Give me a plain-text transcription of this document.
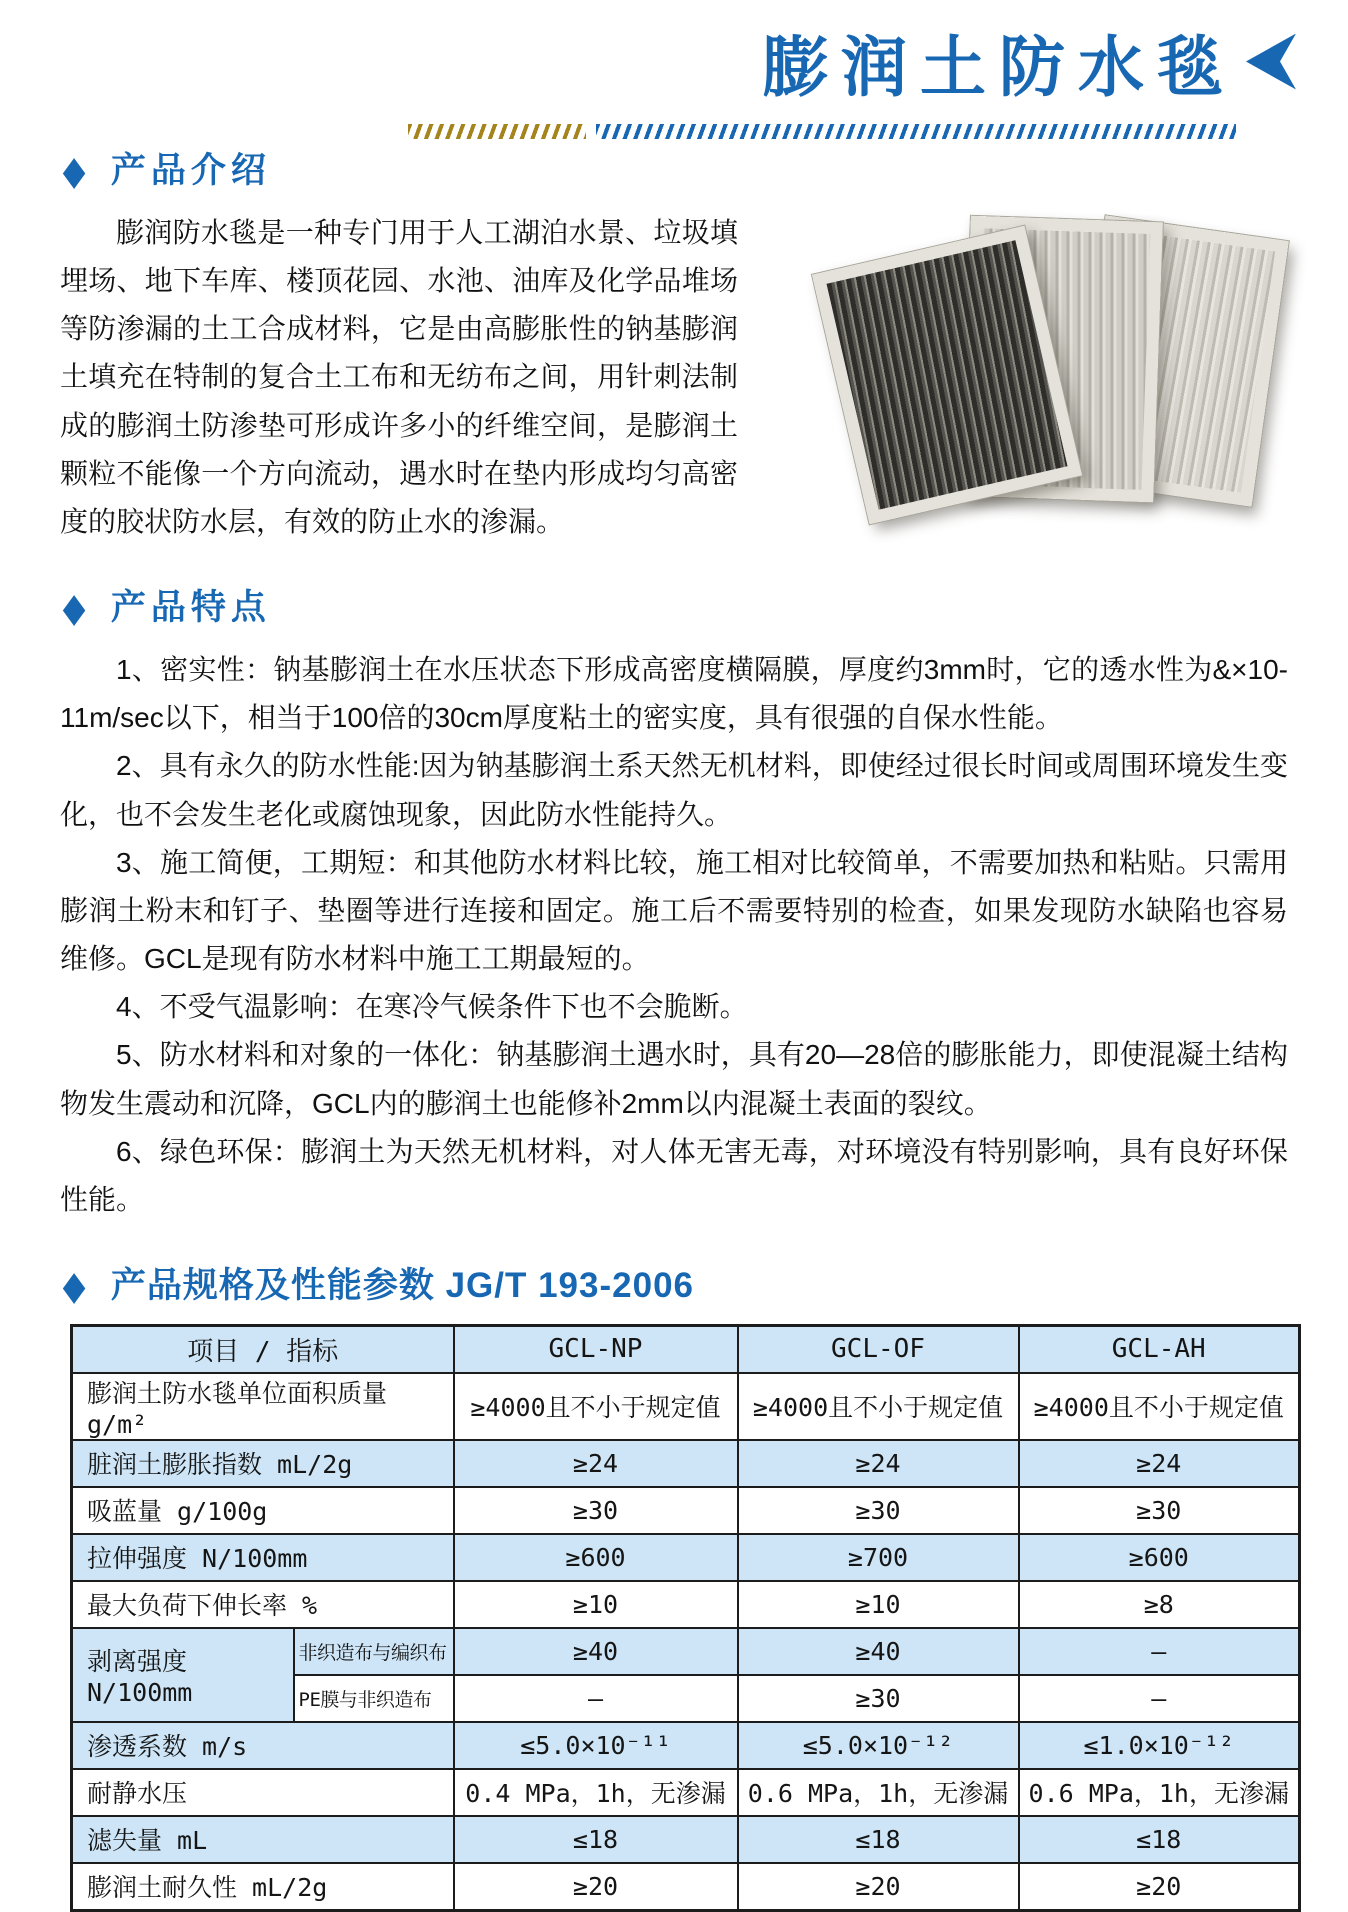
膨润土防水毯
◆ 产品介绍

膨润防水毯是一种专门用于人工湖泊水景、垃圾填埋场、地下车库、楼顶花园、水池、油库及化学品堆场等防渗漏的土工合成材料，它是由高膨胀性的钠基膨润土填充在特制的复合土工布和无纺布之间，用针刺法制成的膨润土防渗垫可形成许多小的纤维空间，是膨润土颗粒不能像一个方向流动，遇水时在垫内形成均匀高密度的胶状防水层，有效的防止水的渗漏。

◆ 产品特点

1、密实性：钠基膨润土在水压状态下形成高密度横隔膜，厚度约3mm时，它的透水性为&×10-11m/sec以下，相当于100倍的30cm厚度粘土的密实度，具有很强的自保水性能。

2、具有永久的防水性能:因为钠基膨润土系天然无机材料，即使经过很长时间或周围环境发生变化，也不会发生老化或腐蚀现象，因此防水性能持久。

3、施工简便，工期短：和其他防水材料比较，施工相对比较简单，不需要加热和粘贴。只需用膨润土粉末和钉子、垫圈等进行连接和固定。施工后不需要特别的检查，如果发现防水缺陷也容易维修。GCL是现有防水材料中施工工期最短的。

4、不受气温影响：在寒冷气候条件下也不会脆断。

5、防水材料和对象的一体化：钠基膨润土遇水时，具有20—28倍的膨胀能力，即使混凝土结构物发生震动和沉降，GCL内的膨润土也能修补2mm以内混凝土表面的裂纹。

6、绿色环保：膨润土为天然无机材料，对人体无害无毒，对环境没有特别影响，具有良好环保性能。

◆ 产品规格及性能参数 JG/T 193-2006
项目 / 指标		GCL-NP	GCL-OF	GCL-AH
膨润土防水毯单位面积质量 g/m²		≥4000且不小于规定值	≥4000且不小于规定值	≥4000且不小于规定值
脏润土膨胀指数 mL/2g		≥24	≥24	≥24
吸蓝量 g/100g		≥30	≥30	≥30
拉伸强度 N/100mm		≥600	≥700	≥600
最大负荷下伸长率 %		≥10	≥10	≥8
剥离强度 N/100mm	非织造布与编织布	≥40	≥40	–
	PE膜与非织造布	–	≥30	–
渗透系数 m/s		≤5.0×10⁻¹¹	≤5.0×10⁻¹²	≤1.0×10⁻¹²
耐静水压		0.4 MPa，1h，无渗漏	0.6 MPa，1h，无渗漏	0.6 MPa，1h，无渗漏
滤失量 mL		≤18	≤18	≤18
膨润土耐久性 mL/2g		≥20	≥20	≥20
